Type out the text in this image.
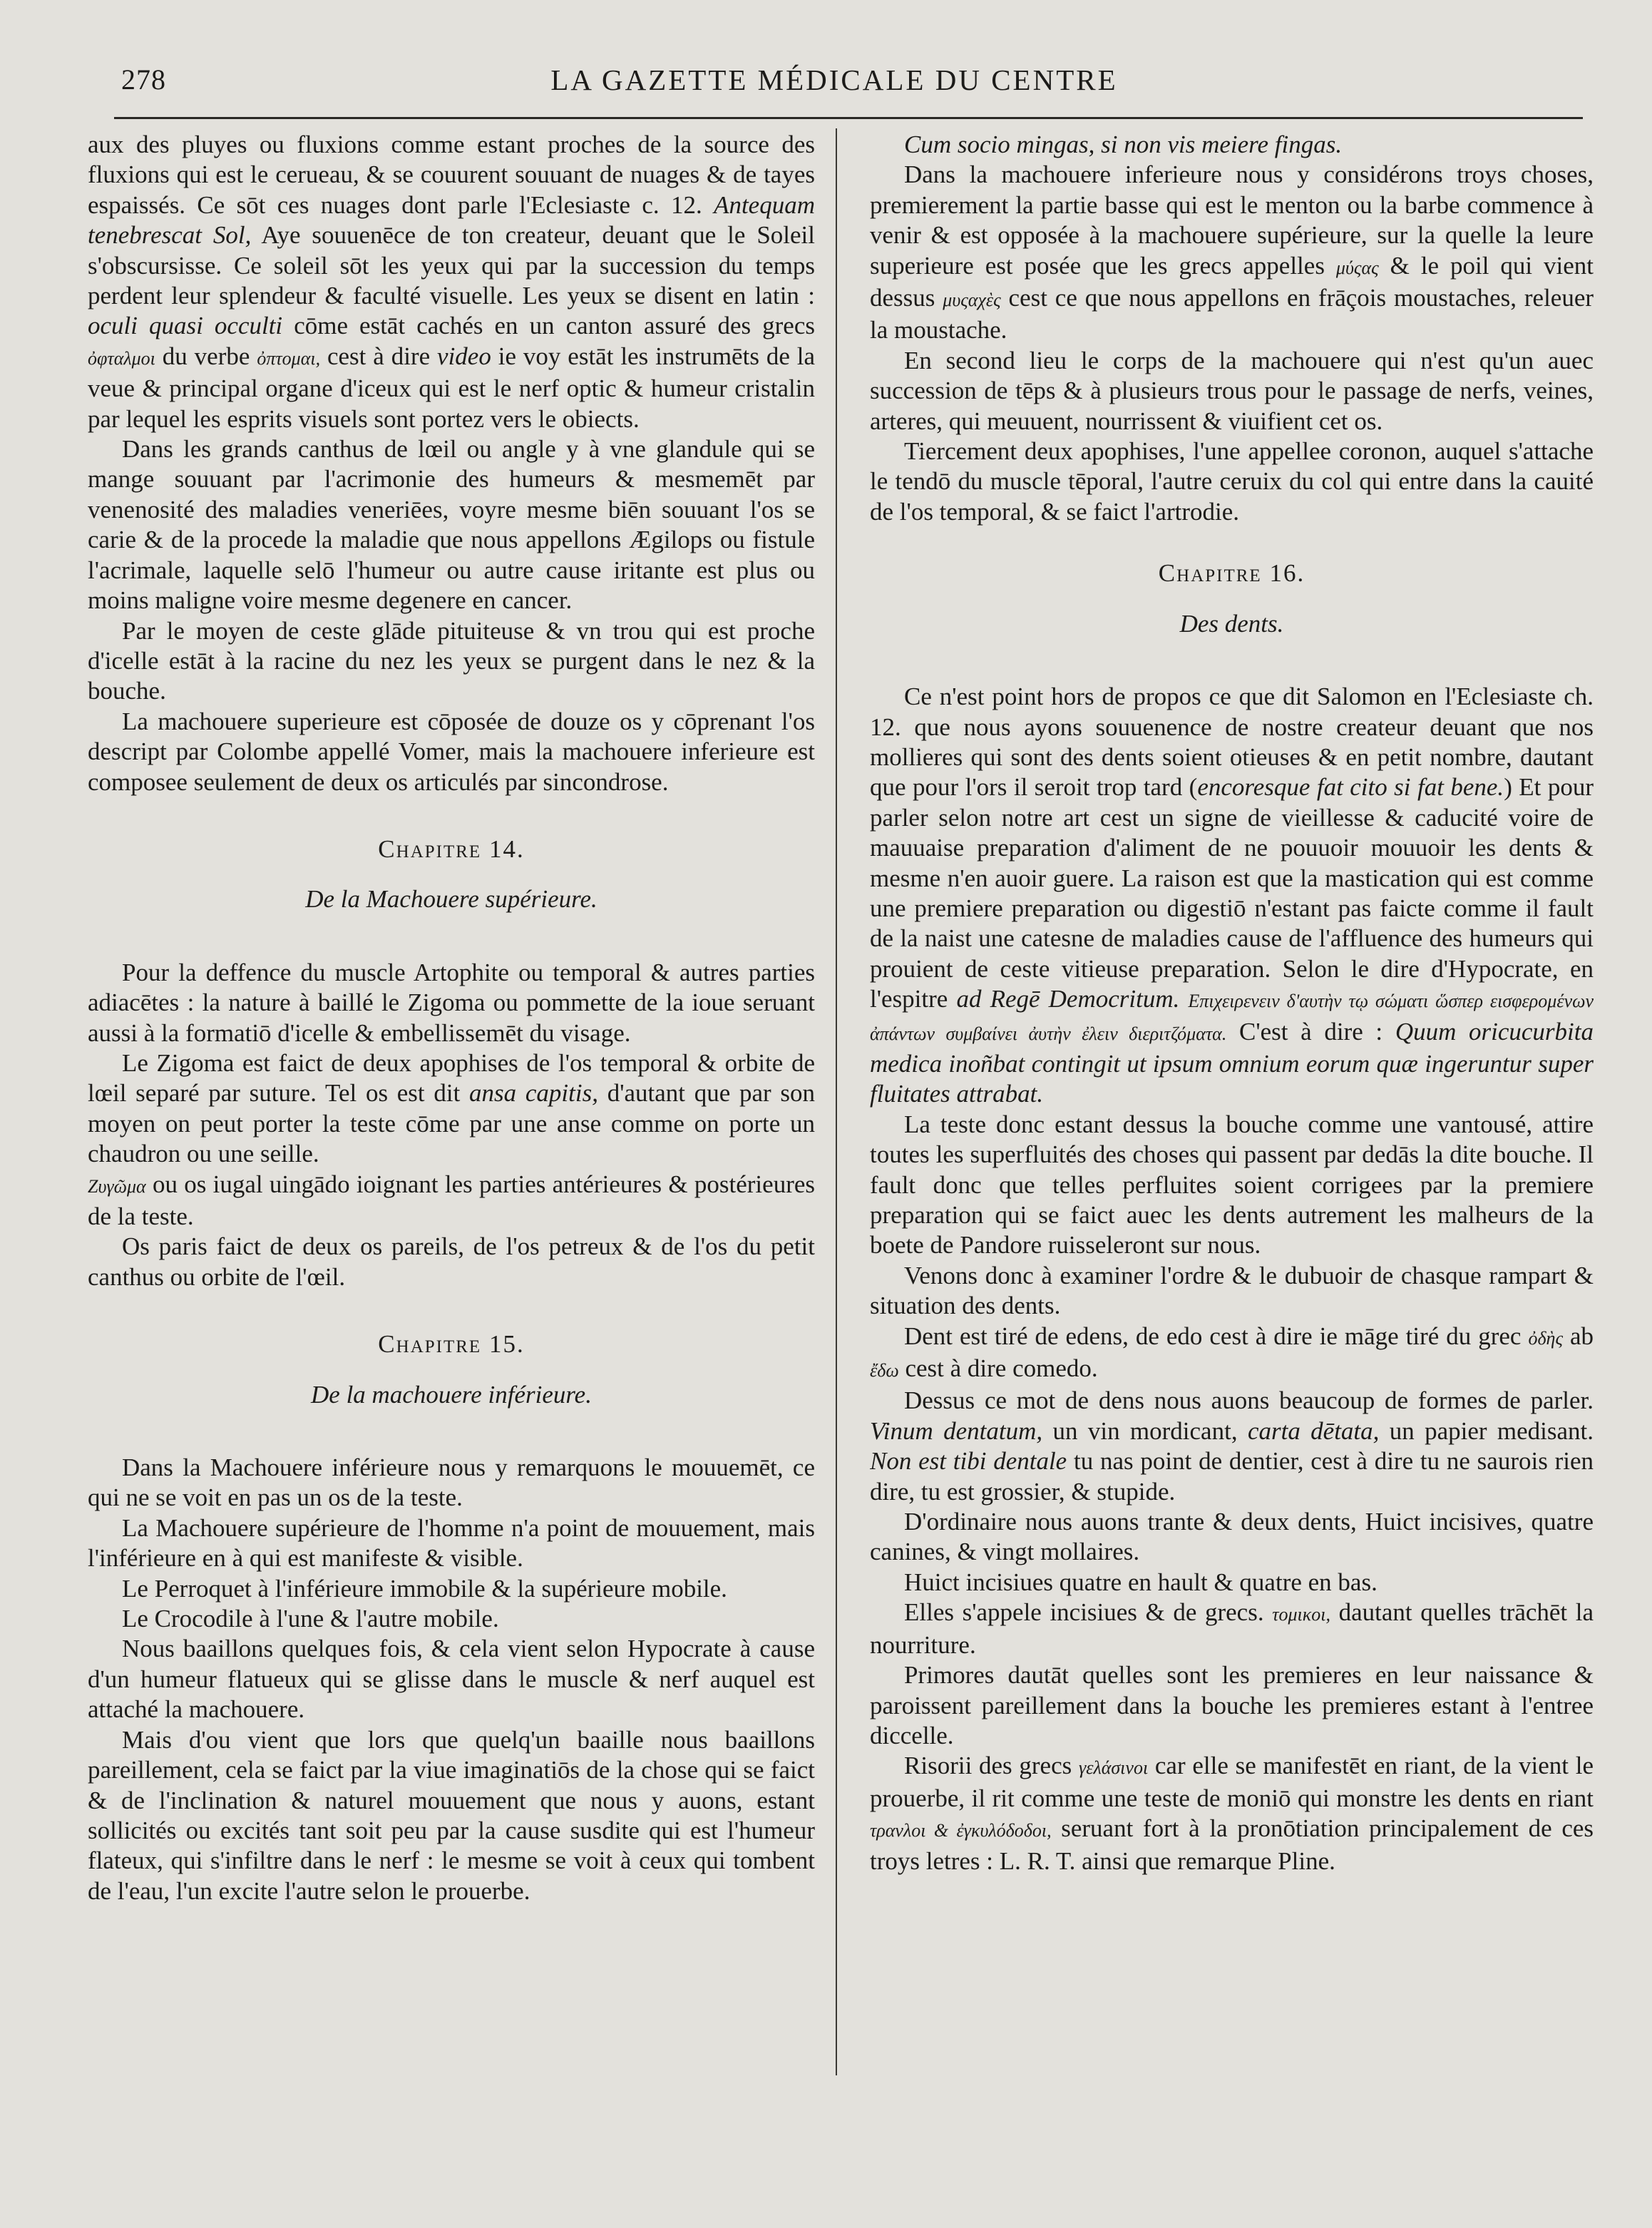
278	LA GAZETTE MÉDICALE DU CENTRE

aux des pluyes ou fluxions comme estant proches de la source des fluxions qui est le cerueau, & se couurent souuant de nuages & de tayes espaissés. Ce sōt ces nuages dont parle l'Eclesiaste c. 12. Antequam tenebrescat Sol, Aye souuenēce de ton createur, deuant que le Soleil s'obscursisse. Ce soleil sōt les yeux qui par la succession du temps perdent leur splendeur & faculté visuelle. Les yeux se disent en latin : oculi quasi occulti cōme estāt cachés en un canton assuré des grecs ὀφταλμοι du verbe ὀπτομαι, cest à dire video ie voy estāt les instrumēts de la veue & principal organe d'iceux qui est le nerf optic & humeur cristalin par lequel les esprits visuels sont portez vers le obiects.

Dans les grands canthus de lœil ou angle y à vne glandule qui se mange souuant par l'acrimonie des humeurs & mesmemēt par venenosité des maladies veneriēes, voyre mesme biēn souuant l'os se carie & de la procede la maladie que nous appellons Ægilops ou fistule l'acrimale, laquelle selō l'humeur ou autre cause iritante est plus ou moins maligne voire mesme degenere en cancer.

Par le moyen de ceste glāde pituiteuse & vn trou qui est proche d'icelle estāt à la racine du nez les yeux se purgent dans le nez & la bouche.

La machouere superieure est cōposée de douze os y cōprenant l'os descript par Colombe appellé Vomer, mais la machouere inferieure est composee seulement de deux os articulés par sincondrose.

Chapitre 14.
De la Machouere supérieure.

Pour la deffence du muscle Artophite ou temporal & autres parties adiacētes : la nature à baillé le Zigoma ou pommette de la ioue seruant aussi à la formatiō d'icelle & embellissemēt du visage.

Le Zigoma est faict de deux apophises de l'os temporal & orbite de lœil separé par suture. Tel os est dit ansa capitis, d'autant que par son moyen on peut porter la teste cōme par une anse comme on porte un chaudron ou une seille.

Ζυγῶμα ou os iugal uingādo ioignant les parties antérieures & postérieures de la teste.

Os paris faict de deux os pareils, de l'os petreux & de l'os du petit canthus ou orbite de l'œil.

Chapitre 15.
De la machouere inférieure.

Dans la Machouere inférieure nous y remarquons le mouuemēt, ce qui ne se voit en pas un os de la teste.

La Machouere supérieure de l'homme n'a point de mouuement, mais l'inférieure en à qui est manifeste & visible.

Le Perroquet à l'inférieure immobile & la supérieure mobile.

Le Crocodile à l'une & l'autre mobile.

Nous baaillons quelques fois, & cela vient selon Hypocrate à cause d'un humeur flatueux qui se glisse dans le muscle & nerf auquel est attaché la machouere.

Mais d'ou vient que lors que quelq'un baaille nous baaillons pareillement, cela se faict par la viue imaginatiōs de la chose qui se faict & de l'inclination & naturel mouuement que nous y auons, estant sollicités ou excités tant soit peu par la cause susdite qui est l'humeur flateux, qui s'infiltre dans le nerf : le mesme se voit à ceux qui tombent de l'eau, l'un excite l'autre selon le prouerbe.

Cum socio mingas, si non vis meiere fingas.

Dans la machouere inferieure nous y considérons troys choses, premierement la partie basse qui est le menton ou la barbe commence à venir & est opposée à la machouere supérieure, sur la quelle la leure superieure est posée que les grecs appelles μύςας & le poil qui vient dessus μυςαχὲς cest ce que nous appellons en frāçois moustaches, releuer la moustache.

En second lieu le corps de la machouere qui n'est qu'un auec succession de tēps & à plusieurs trous pour le passage de nerfs, veines, arteres, qui meuuent, nourrissent & viuifient cet os.

Tiercement deux apophises, l'une appellee coronon, auquel s'attache le tendō du muscle tēporal, l'autre ceruix du col qui entre dans la cauité de l'os temporal, & se faict l'artrodie.

Chapitre 16.
Des dents.

Ce n'est point hors de propos ce que dit Salomon en l'Eclesiaste ch. 12. que nous ayons souuenence de nostre createur deuant que nos mollieres qui sont des dents soient otieuses & en petit nombre, dautant que pour l'ors il seroit trop tard (encoresque fat cito si fat bene.) Et pour parler selon notre art cest un signe de vieillesse & caducité voire de mauuaise preparation d'aliment de ne pouuoir mouuoir les dents & mesme n'en auoir guere. La raison est que la mastication qui est comme une premiere preparation ou digestiō n'estant pas faicte comme il fault de la naist une catesne de maladies cause de l'affluence des humeurs qui prouient de ceste vitieuse preparation. Selon le dire d'Hypocrate, en l'espitre ad Regē Democritum. Επιχειρενειν δ'αυτὴν τῳ σώματι ὥσπερ εισφερομένων ἀπάντων συμβαίνει ἀυτὴν ἐλειν διεριτζόματα. C'est à dire : Quum oricucurbita medica inoñbat contingit ut ipsum omnium eorum quæ ingeruntur super fluitates attrabat.

La teste donc estant dessus la bouche comme une vantousé, attire toutes les superfluités des choses qui passent par dedās la dite bouche. Il fault donc que telles perfluites soient corrigees par la premiere preparation qui se faict auec les dents autrement les malheurs de la boete de Pandore ruisseleront sur nous.

Venons donc à examiner l'ordre & le dubuoir de chasque rampart & situation des dents.

Dent est tiré de edens, de edo cest à dire ie māge tiré du grec ὀδὴς ab ἔδω cest à dire comedo.

Dessus ce mot de dens nous auons beaucoup de formes de parler. Vinum dentatum, un vin mordicant, carta dētata, un papier medisant. Non est tibi dentale tu nas point de dentier, cest à dire tu ne saurois rien dire, tu est grossier, & stupide.

D'ordinaire nous auons trante & deux dents, Huict incisives, quatre canines, & vingt mollaires.

Huict incisiues quatre en hault & quatre en bas.

Elles s'appele incisiues & de grecs. τομικοι, dautant quelles trāchēt la nourriture.

Primores dautāt quelles sont les premieres en leur naissance & paroissent pareillement dans la bouche les premieres estant à l'entree diccelle.

Risorii des grecs γελάσινοι car elle se manifestēt en riant, de la vient le prouerbe, il rit comme une teste de moniō qui monstre les dents en riant τρανλοι & ἐγκυλόδοδοι, seruant fort à la pronōtiation principalement de ces troys letres : L. R. T. ainsi que remarque Pline.
